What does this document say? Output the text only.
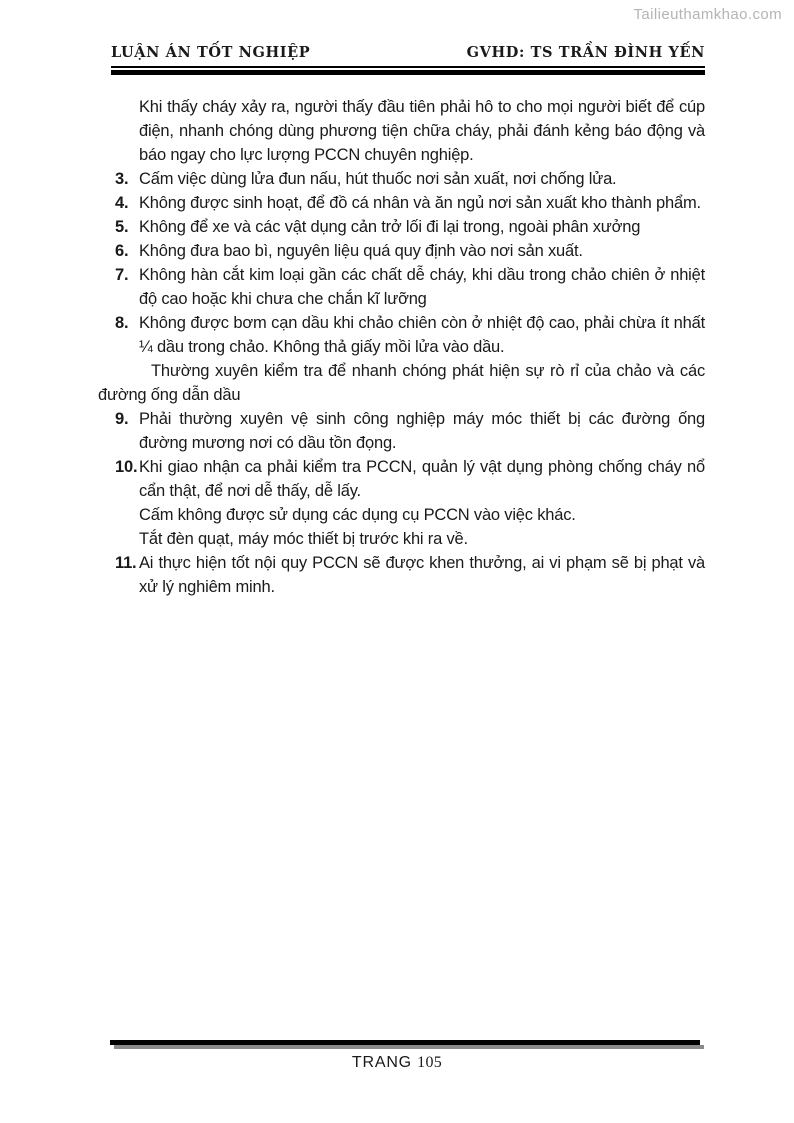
Tailieuthamkhao.com
LUẬN ÁN TỐT NGHIỆP	GVHD: TS TRẦN ĐÌNH YẾN

Khi thấy cháy xảy ra, người thấy đầu tiên phải hô to cho mọi người biết để cúp điện, nhanh chóng dùng phương tiện chữa cháy, phải đánh kẻng báo động và báo ngay cho lực lượng PCCN chuyên nghiệp.

3. Cấm việc dùng lửa đun nấu, hút thuốc nơi sản xuất, nơi chống lửa.
4. Không được sinh hoạt, để đồ cá nhân và ăn ngủ nơi sản xuất kho thành phẩm.
5. Không để xe và các vật dụng cản trở lối đi lại trong, ngoài phân xưởng
6. Không đưa bao bì, nguyên liệu quá quy định vào nơi sản xuất.
7. Không hàn cắt kim loại gần các chất dễ cháy, khi dầu trong chảo chiên ở nhiệt độ cao hoặc khi chưa che chắn kĩ lưỡng
8. Không được bơm cạn dầu khi chảo chiên còn ở nhiệt độ cao, phải chừa ít nhất ¼ dầu trong chảo. Không thả giấy mồi lửa vào dầu.

Thường xuyên kiểm tra để nhanh chóng phát hiện sự rò rỉ của chảo và các đường ống dẫn dầu

9. Phải thường xuyên vệ sinh công nghiệp máy móc thiết bị các đường ống đường mương nơi có dầu tồn đọng.
10. Khi giao nhận ca phải kiểm tra PCCN, quản lý vật dụng phòng chống cháy nổ cẩn thật, để nơi dễ thấy, dễ lấy.
Cấm không được sử dụng các dụng cụ PCCN vào việc khác.
Tắt đèn quạt, máy móc thiết bị trước khi ra về.
11. Ai thực hiện tốt nội quy PCCN sẽ được khen thưởng, ai vi phạm sẽ bị phạt và xử lý nghiêm minh.
TRANG 105
